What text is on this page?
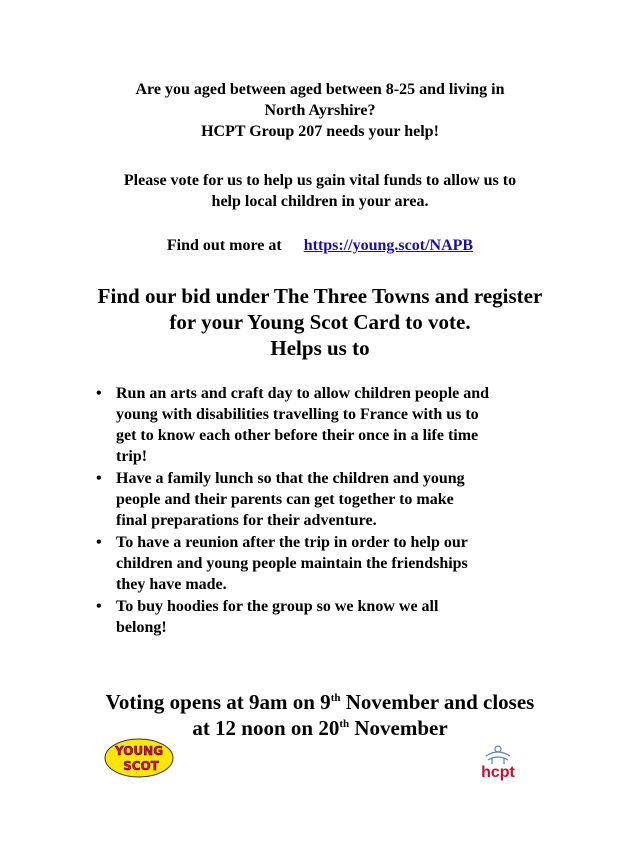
Are you aged between aged between 8-25 and living in
North Ayrshire?
HCPT Group 207 needs your help!
Please vote for us to help us gain vital funds to allow us to
help local children in your area.
Find out more at https://young.scot/NAPB
Find our bid under The Three Towns and register
for your Young Scot Card to vote.
Helps us to
• Run an arts and craft day to allow children people and
young with disabilities travelling to France with us to
get to know each other before their once in a life time
trip!
• Have a family lunch so that the children and young
people and their parents can get together to make
final preparations for their adventure.
• To have a reunion after the trip in order to help our
children and young people maintain the friendships
they have made.
• To buy hoodies for the group so we know we all
belong!
Voting opens at 9am on 9th November and closes
at 12 noon on 20th November
YOUNG
SCOT	hcpt
